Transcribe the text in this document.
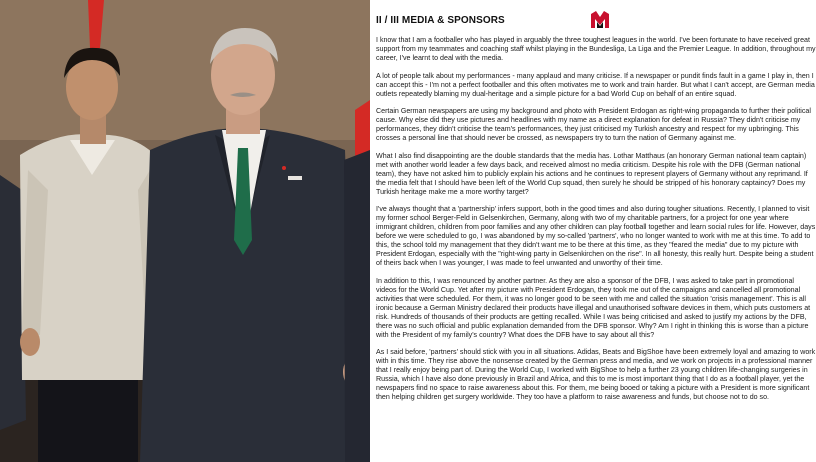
II / III MEDIA & SPONSORS

I know that I am a footballer who has played in arguably the three toughest leagues in the world. I've been fortunate to have received great support from my teammates and coaching staff whilst playing in the Bundesliga, La Liga and the Premier League. In addition, throughout my career, I've learnt to deal with the media.

A lot of people talk about my performances - many applaud and many criticise. If a newspaper or pundit finds fault in a game I play in, then I can accept this - I'm not a perfect footballer and this often motivates me to work and train harder. But what I can't accept, are German media outlets repeatedly blaming my dual-heritage and a simple picture for a bad World Cup on behalf of an entire squad.

Certain German newspapers are using my background and photo with President Erdogan as right-wing propaganda to further their political cause. Why else did they use pictures and headlines with my name as a direct explanation for defeat in Russia? They didn't criticise my performances, they didn't criticise the team's performances, they just criticised my Turkish ancestry and respect for my upbringing. This crosses a personal line that should never be crossed, as newspapers try to turn the nation of Germany against me.

What I also find disappointing are the double standards that the media has. Lothar Matthaus (an honorary German national team captain) met with another world leader a few days back, and received almost no media criticism. Despite his role with the DFB (German national team), they have not asked him to publicly explain his actions and he continues to represent players of Germany without any reprimand. If the media felt that I should have been left of the World Cup squad, then surely he should be stripped of his honorary captaincy? Does my Turkish heritage make me a more worthy target?

I've always thought that a 'partnership' infers support, both in the good times and also during tougher situations. Recently, I planned to visit my former school Berger-Feld in Gelsenkirchen, Germany, along with two of my charitable partners, for a project for one year where immigrant children, children from poor families and any other children can play football together and learn social rules for life. However, days before we were scheduled to go, I was abandoned by my so-called 'partners', who no longer wanted to work with me at this time. To add to this, the school told my management that they didn't want me to be there at this time, as they "feared the media" due to my picture with President Erdogan, especially with the "right-wing party in Gelsenkirchen on the rise". In all honesty, this really hurt. Despite being a student of theirs back when I was younger, I was made to feel unwanted and unworthy of their time.

In addition to this, I was renounced by another partner. As they are also a sponsor of the DFB, I was asked to take part in promotional videos for the World Cup. Yet after my picture with President Erdogan, they took me out of the campaigns and cancelled all promotional activities that were scheduled. For them, it was no longer good to be seen with me and called the situation 'crisis management'. This is all ironic because a German Ministry declared their products have illegal and unauthorised software devices in them, which puts customers at risk. Hundreds of thousands of their products are getting recalled. While I was being criticised and asked to justify my actions by the DFB, there was no such official and public explanation demanded from the DFB sponsor. Why? Am I right in thinking this is worse than a picture with the President of my family's country? What does the DFB have to say about all this?

As I said before, 'partners' should stick with you in all situations. Adidas, Beats and BigShoe have been extremely loyal and amazing to work with in this time. They rise above the nonsense created by the German press and media, and we work on projects in a professional manner that I really enjoy being part of. During the World Cup, I worked with BigShoe to help a further 23 young children life-changing surgeries in Russia, which I have also done previously in Brazil and Africa, and this to me is most important thing that I do as a football player, yet the newspapers find no space to raise awareness about this. For them, me being booed or taking a picture with a President is more significant then helping children get surgery worldwide. They too have a platform to raise awareness and funds, but choose not to do so.
